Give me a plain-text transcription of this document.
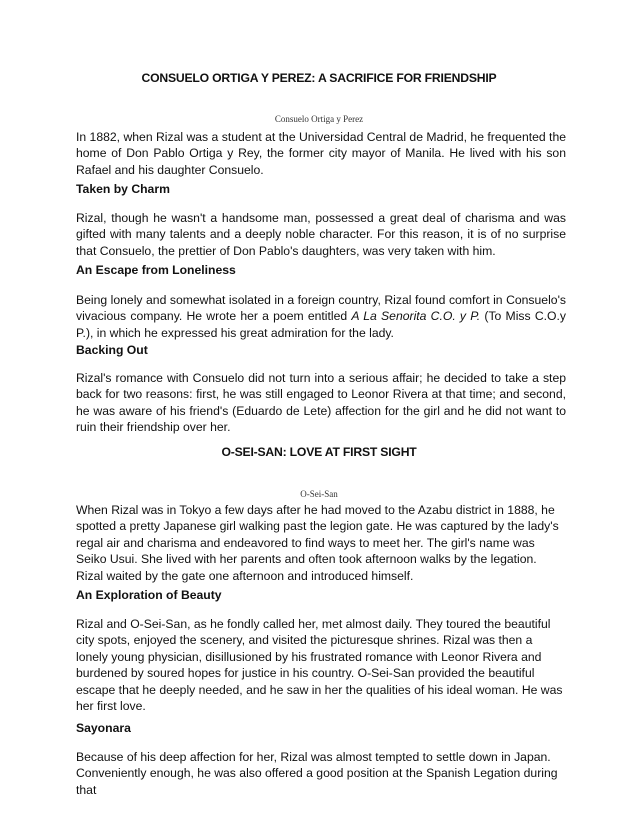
CONSUELO ORTIGA Y PEREZ: A SACRIFICE FOR FRIENDSHIP
Consuelo Ortiga y Perez

In 1882, when Rizal was a student at the Universidad Central de Madrid, he frequented the home of Don Pablo Ortiga y Rey, the former city mayor of Manila. He lived with his son Rafael and his daughter Consuelo.

Taken by Charm

Rizal, though he wasn't a handsome man, possessed a great deal of charisma and was gifted with many talents and a deeply noble character. For this reason, it is of no surprise that Consuelo, the prettier of Don Pablo's daughters, was very taken with him.

An Escape from Loneliness

Being lonely and somewhat isolated in a foreign country, Rizal found comfort in Consuelo's vivacious company. He wrote her a poem entitled A La Senorita C.O. y P. (To Miss C.O.y P.), in which he expressed his great admiration for the lady.

Backing Out

Rizal's romance with Consuelo did not turn into a serious affair; he decided to take a step back for two reasons: first, he was still engaged to Leonor Rivera at that time; and second, he was aware of his friend's (Eduardo de Lete) affection for the girl and he did not want to ruin their friendship over her.

O-SEI-SAN: LOVE AT FIRST SIGHT
O-Sei-San

When Rizal was in Tokyo a few days after he had moved to the Azabu district in 1888, he spotted a pretty Japanese girl walking past the legion gate. He was captured by the lady's regal air and charisma and endeavored to find ways to meet her. The girl's name was Seiko Usui. She lived with her parents and often took afternoon walks by the legation. Rizal waited by the gate one afternoon and introduced himself.

An Exploration of Beauty

Rizal and O-Sei-San, as he fondly called her, met almost daily. They toured the beautiful city spots, enjoyed the scenery, and visited the picturesque shrines. Rizal was then a lonely young physician, disillusioned by his frustrated romance with Leonor Rivera and burdened by soured hopes for justice in his country. O-Sei-San provided the beautiful escape that he deeply needed, and he saw in her the qualities of his ideal woman. He was her first love.

Sayonara

Because of his deep affection for her, Rizal was almost tempted to settle down in Japan. Conveniently enough, he was also offered a good position at the Spanish Legation during that
